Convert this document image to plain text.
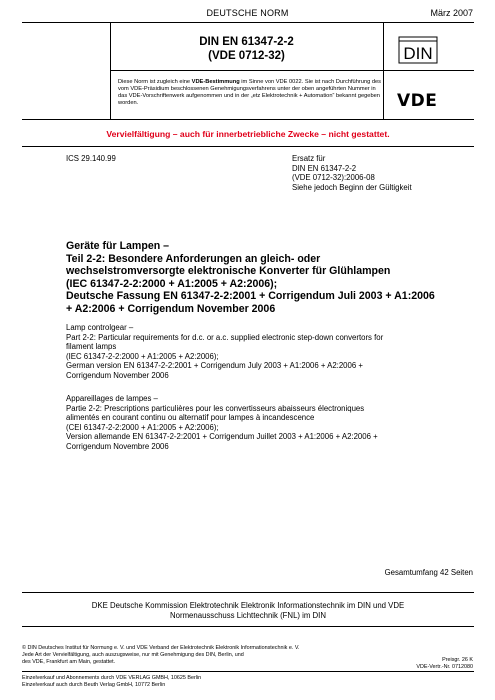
DEUTSCHE NORM	März 2007
DIN EN 61347-2-2
(VDE 0712-32)	DIN
VDE
Diese Norm ist zugleich eine VDE-Bestimmung im Sinne von VDE 0022. Sie ist nach Durchführung des vom VDE-Präsidium beschlossenen Genehmigungsverfahrens unter der oben angeführten Nummer in das VDE-Vorschriftenwerk aufgenommen und in der „etz Elektrotechnik + Automation“ bekannt gegeben worden.
Vervielfältigung – auch für innerbetriebliche Zwecke – nicht gestattet.
ICS 29.140.99	Ersatz für
DIN EN 61347-2-2
(VDE 0712-32):2006-08
Siehe jedoch Beginn der Gültigkeit
Geräte für Lampen –
Teil 2-2: Besondere Anforderungen an gleich- oder
wechselstromversorgte elektronische Konverter für Glühlampen
(IEC 61347-2-2:2000 + A1:2005 + A2:2006);
Deutsche Fassung EN 61347-2-2:2001 + Corrigendum Juli 2003 + A1:2006
+ A2:2006 + Corrigendum November 2006
Lamp controlgear –
Part 2-2: Particular requirements for d.c. or a.c. supplied electronic step-down convertors for
filament lamps
(IEC 61347-2-2:2000 + A1:2005 + A2:2006);
German version EN 61347-2-2:2001 + Corrigendum July 2003 + A1:2006 + A2:2006 +
Corrigendum November 2006
Appareillages de lampes –
Partie 2-2: Prescriptions particulières pour les convertisseurs abaisseurs électroniques
alimentés en courant continu ou alternatif pour lampes à incandescence
(CEI 61347-2-2:2000 + A1:2005 + A2:2006);
Version allemande EN 61347-2-2:2001 + Corrigendum Juillet 2003 + A1:2006 + A2:2006 +
Corrigendum Novembre 2006
Gesamtumfang 42 Seiten
DKE Deutsche Kommission Elektrotechnik Elektronik Informationstechnik im DIN und VDE
Normenausschuss Lichttechnik (FNL) im DIN
© DIN Deutsches Institut für Normung e. V. und VDE Verband der Elektrotechnik Elektronik Informationstechnik e. V.
Jede Art der Vervielfältigung, auch auszugsweise, nur mit Genehmigung des DIN, Berlin, und
des VDE, Frankfurt am Main, gestattet.	Preisgr. 26 K
VDE-Vertr.-Nr. 0712080
Einzelverkauf und Abonnements durch VDE VERLAG GMBH, 10625 Berlin
Einzelverkauf auch durch Beuth Verlag GmbH, 10772 Berlin
